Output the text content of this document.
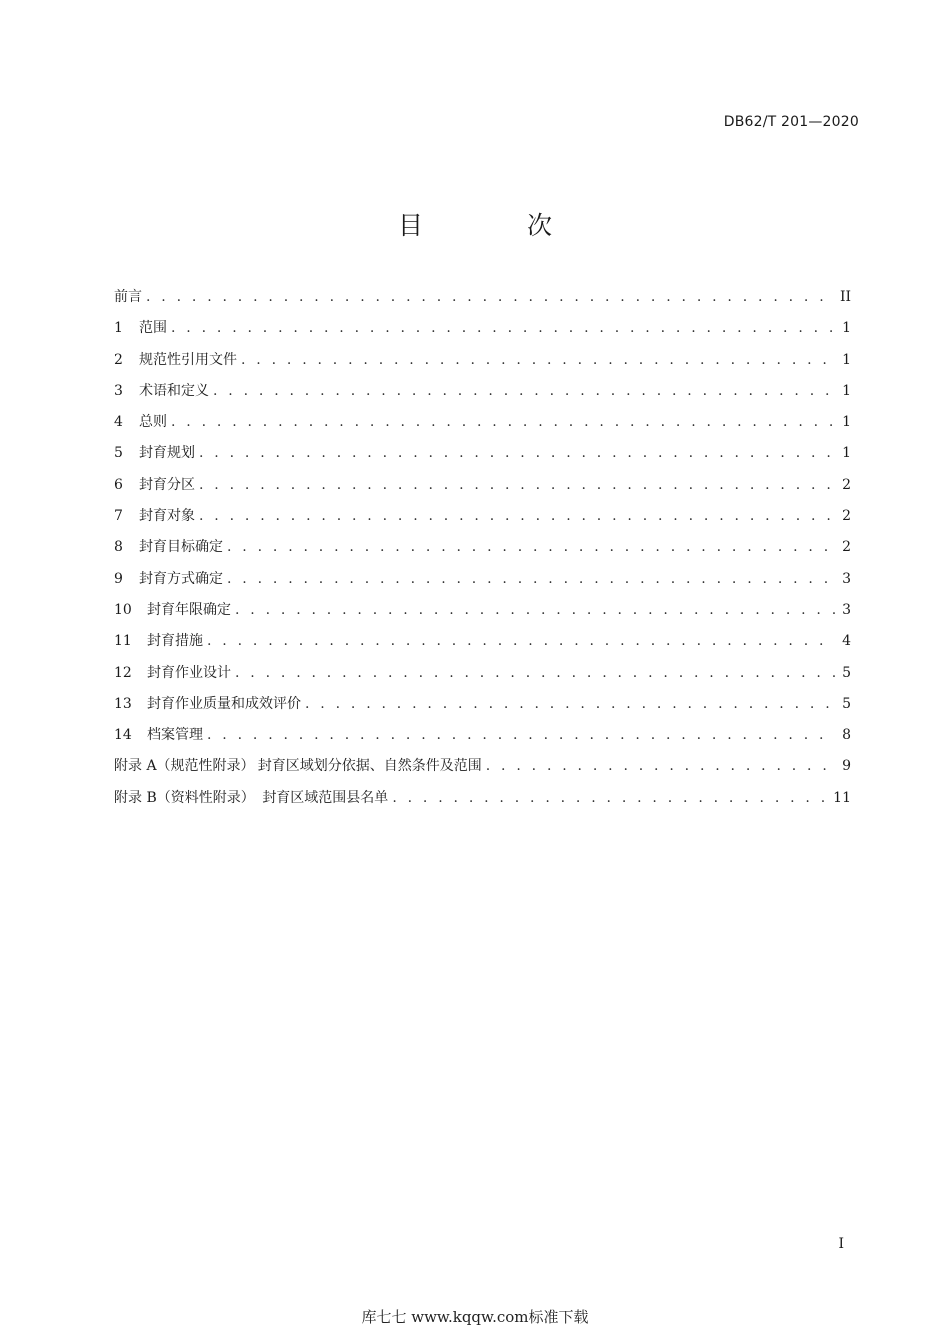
DB62/T 201—2020
目 次
前言 . . .	II
1	范围 . . .	1
2	规范性引用文件 . . .	1
3	术语和定义 . . .	1
4	总则 . . .	1
5	封育规划 . . .	1
6	封育分区 . . .	2
7	封育对象 . . .	2
8	封育目标确定 . . .	2
9	封育方式确定 . . .	3
10	封育年限确定 . . .	3
11	封育措施 . . .	4
12	封育作业设计 . . .	5
13	封育作业质量和成效评价 . . .	5
14	档案管理 . . .	8
附录 A（规范性附录） 封育区域划分依据、自然条件及范围 . . .	9
附录 B（资料性附录） 封育区域范围县名单 . . .	11
I
库七七 www.kqqw.com标准下载
